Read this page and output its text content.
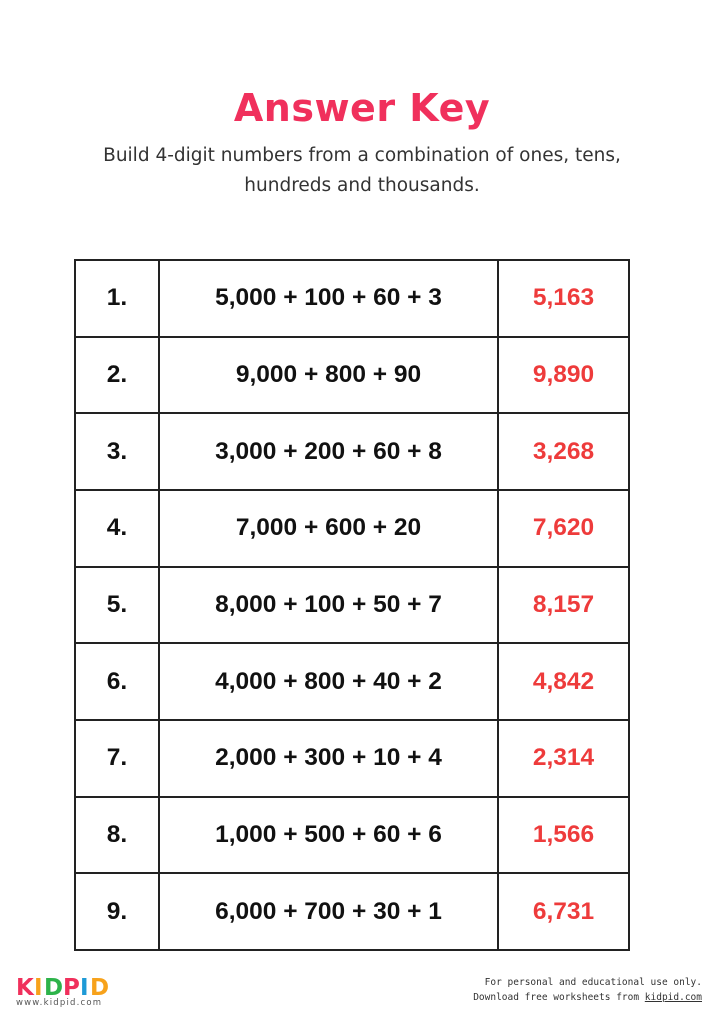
Answer Key
Build 4-digit numbers from a combination of ones, tens, hundreds and thousands.
1.	5,000 + 100 + 60 + 3	5,163
2.	9,000 + 800 + 90	9,890
3.	3,000 + 200 + 60 + 8	3,268
4.	7,000 + 600 + 20	7,620
5.	8,000 + 100 + 50 + 7	8,157
6.	4,000 + 800 + 40 + 2	4,842
7.	2,000 + 300 + 10 + 4	2,314
8.	1,000 + 500 + 60 + 6	1,566
9.	6,000 + 700 + 30 + 1	6,731
K I D P I D
www.kidpid.com
For personal and educational use only.
Download free worksheets from kidpid.com
